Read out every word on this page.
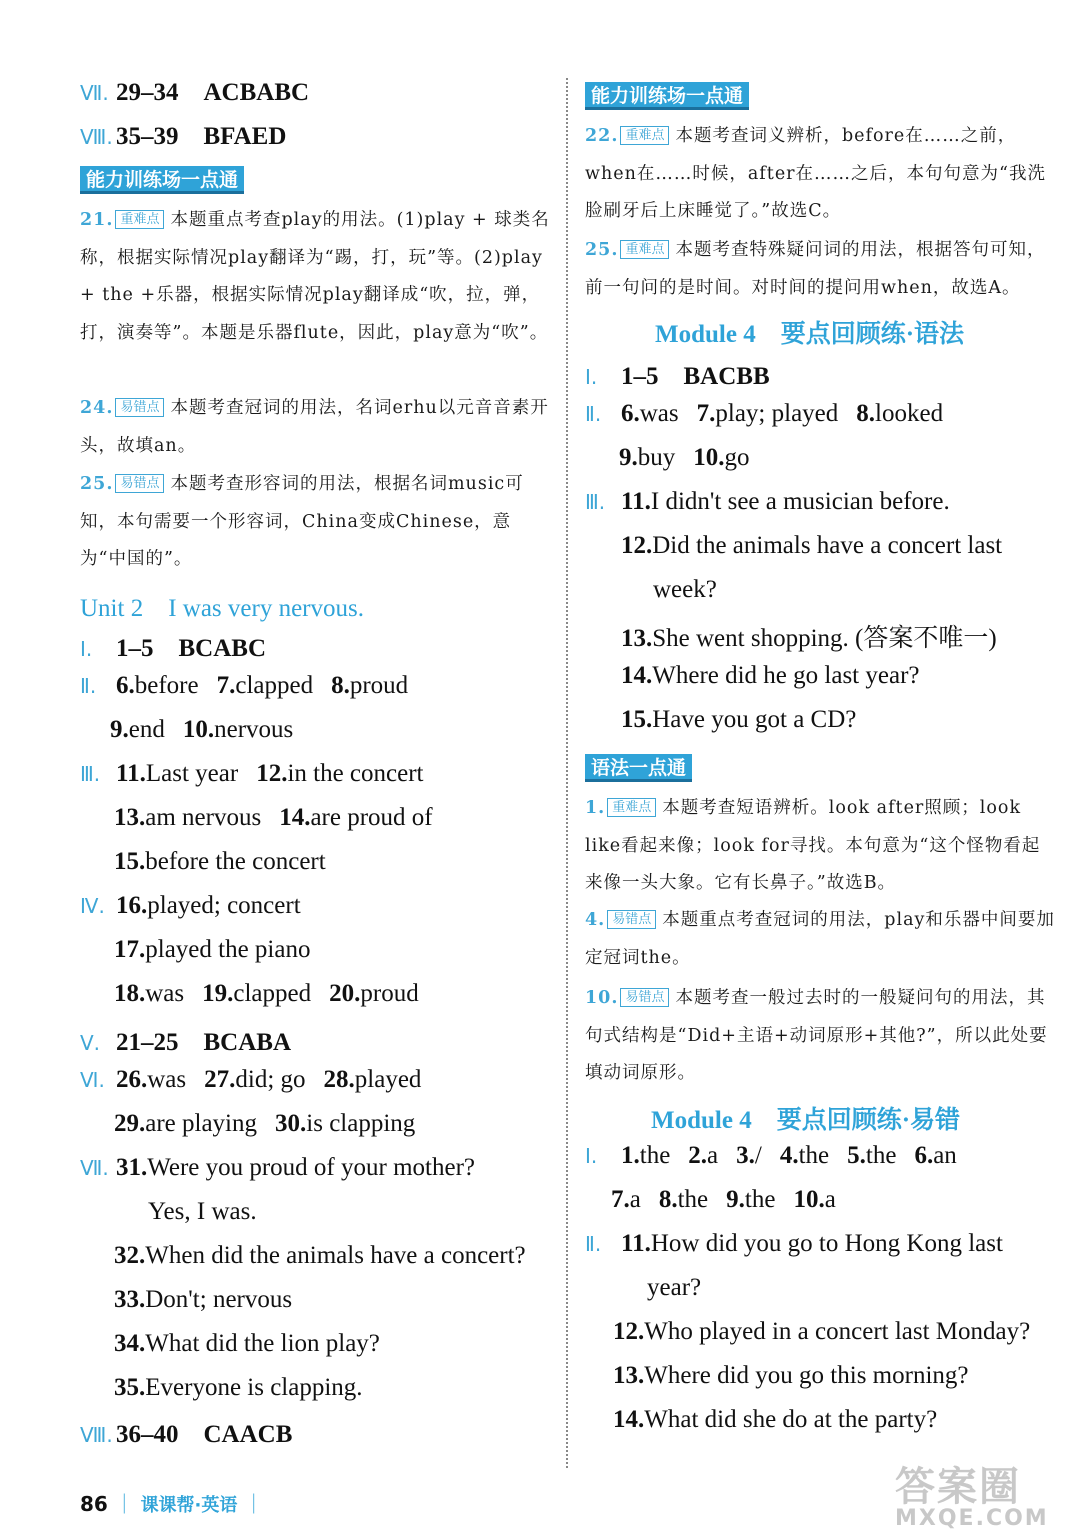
Ⅶ. 29–34　ACBABC
Ⅷ. 35–39　BFAED
能力训练场一点通
21. 重难点 本题重点考查play的用法。(1)play + 球类名称，根据实际情况play翻译为“踢，打，玩”等。(2)play + the +乐器，根据实际情况play翻译成“吹，拉，弹，打，演奏等”。本题是乐器flute，因此，play意为“吹”。
24. 易错点 本题考查冠词的用法，名词erhu以元音音素开头，故填an。
25. 易错点 本题考查形容词的用法，根据名词music可知，本句需要一个形容词，China变成Chinese，意为“中国的”。
Unit 2　I was very nervous.
Ⅰ. 1–5　BCABC
Ⅱ. 6.before 7.clapped 8.proud
9.end 10.nervous
Ⅲ. 11.Last year 12.in the concert
13.am nervous 14.are proud of
15.before the concert
Ⅳ. 16.played; concert
17.played the piano
18.was 19.clapped 20.proud
Ⅴ. 21–25　BCABA
Ⅵ. 26.was 27.did; go 28.played
29.are playing 30.is clapping
Ⅶ. 31.Were you proud of your mother?
Yes, I was.
32.When did the animals have a concert?
33.Don't; nervous
34.What did the lion play?
35.Everyone is clapping.
Ⅷ. 36–40　CAACB
能力训练场一点通
22. 重难点 本题考查词义辨析，before在……之前，when在……时候，after在……之后，本句句意为“我洗脸刷牙后上床睡觉了。”故选C。
25. 重难点 本题考查特殊疑问词的用法，根据答句可知，前一句问的是时间。对时间的提问用when，故选A。
Module 4　要点回顾练·语法
Ⅰ. 1–5　BACBB
Ⅱ. 6.was 7.play; played 8.looked
9.buy 10.go
Ⅲ. 11.I didn't see a musician before.
12.Did the animals have a concert last
week?
13.She went shopping. (答案不唯一)
14.Where did he go last year?
15.Have you got a CD?
语法一点通
1. 重难点 本题考查短语辨析。look after照顾；look like看起来像；look for寻找。本句意为“这个怪物看起来像一头大象。它有长鼻子。”故选B。
4. 易错点 本题重点考查冠词的用法，play和乐器中间要加定冠词the。
10. 易错点 本题考查一般过去时的一般疑问句的用法，其句式结构是“Did+主语+动词原形+其他?”，所以此处要填动词原形。
Module 4　要点回顾练·易错
Ⅰ. 1.the 2.a 3./ 4.the 5.the 6.an
7.a 8.the 9.the 10.a
Ⅱ. 11.How did you go to Hong Kong last
year?
12.Who played in a concert last Monday?
13.Where did you go this morning?
14.What did she do at the party?
86 ｜ 课课帮·英语 ｜	答案圈
MXQE.COM
